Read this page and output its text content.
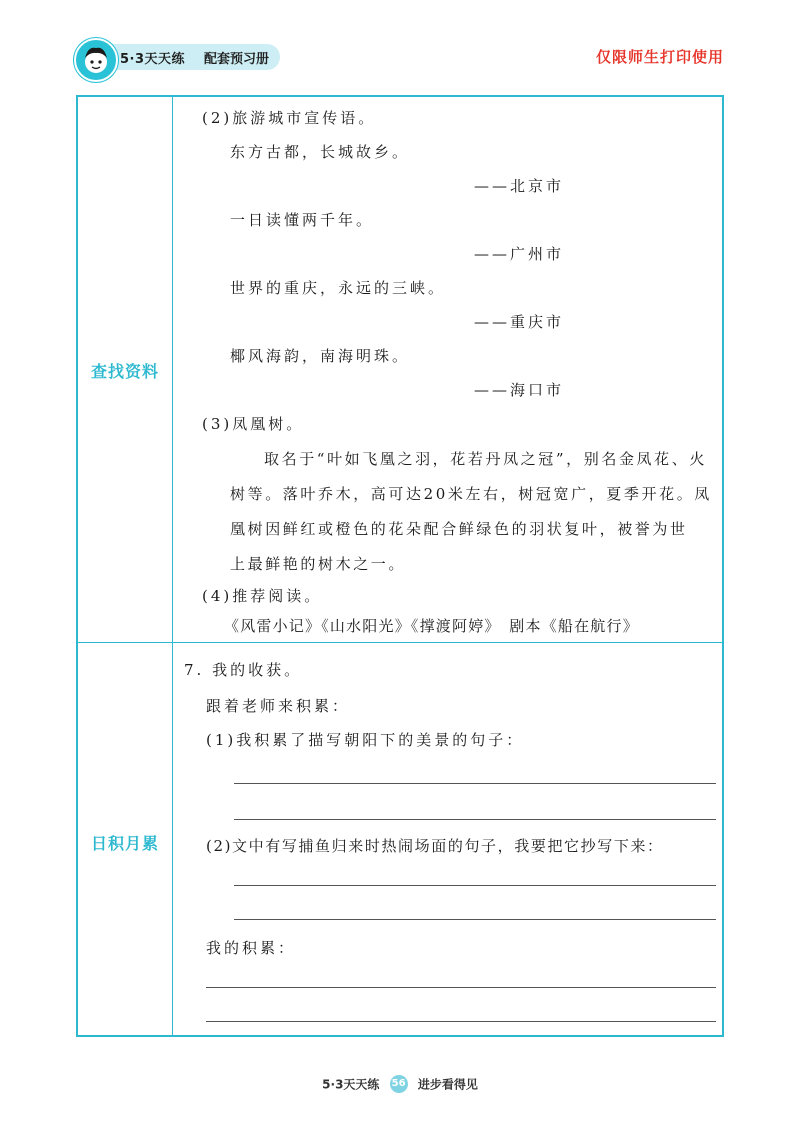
5·3天天练 配套预习册	仅限师生打印使用
查找资料
日积月累
(2)旅游城市宣传语。
东方古都，长城故乡。
——北京市
一日读懂两千年。
——广州市
世界的重庆，永远的三峡。
——重庆市
椰风海韵，南海明珠。
——海口市
(3)凤凰树。
取名于“叶如飞凰之羽，花若丹凤之冠”，别名金凤花、火
树等。落叶乔木，高可达20米左右，树冠宽广，夏季开花。凤
凰树因鲜红或橙色的花朵配合鲜绿色的羽状复叶，被誉为世
上最鲜艳的树木之一。
(4)推荐阅读。
《风雷小记》《山水阳光》《撑渡阿婷》　剧本《船在航行》
7. 我的收获。
跟着老师来积累：
(1)我积累了描写朝阳下的美景的句子：
(2)文中有写捕鱼归来时热闹场面的句子，我要把它抄写下来：
我的积累：
5·3天天练 56 进步看得见
